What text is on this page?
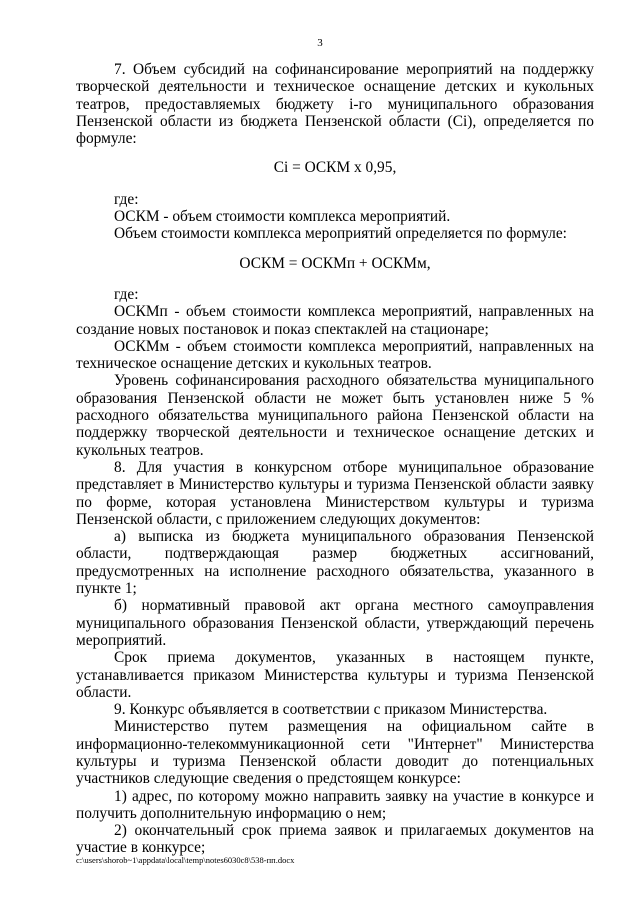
3

7. Объем субсидий на софинансирование мероприятий на поддержку творческой деятельности и техническое оснащение детских и кукольных театров, предоставляемых бюджету i-го муниципального образования Пензенской области из бюджета Пензенской области (Ci), определяется по формуле:

Ci = ОСКМ х 0,95,

где:

ОСКМ - объем стоимости комплекса мероприятий.

Объем стоимости комплекса мероприятий определяется по формуле:

ОСКМ = ОСКМп + ОСКМм,

где:

ОСКМп - объем стоимости комплекса мероприятий, направленных на создание новых постановок и показ спектаклей на стационаре;

ОСКМм - объем стоимости комплекса мероприятий, направленных на техническое оснащение детских и кукольных театров.

Уровень софинансирования расходного обязательства муниципального образования Пензенской области не может быть установлен ниже 5 % расходного обязательства муниципального района Пензенской области на поддержку творческой деятельности и техническое оснащение детских и кукольных театров.

8. Для участия в конкурсном отборе муниципальное образование представляет в Министерство культуры и туризма Пензенской области заявку по форме, которая установлена Министерством культуры и туризма Пензенской области, с приложением следующих документов:

а) выписка из бюджета муниципального образования Пензенской области, подтверждающая размер бюджетных ассигнований, предусмотренных на исполнение расходного обязательства, указанного в пункте 1;

б) нормативный правовой акт органа местного самоуправления муниципального образования Пензенской области, утверждающий перечень мероприятий.

Срок приема документов, указанных в настоящем пункте, устанавливается приказом Министерства культуры и туризма Пензенской области.

9. Конкурс объявляется в соответствии с приказом Министерства.

Министерство путем размещения на официальном сайте в информационно-телекоммуникационной сети "Интернет" Министерства культуры и туризма Пензенской области доводит до потенциальных участников следующие сведения о предстоящем конкурсе:

1) адрес, по которому можно направить заявку на участие в конкурсе и получить дополнительную информацию о нем;

2) окончательный срок приема заявок и прилагаемых документов на участие в конкурсе;

c:\users\shorob~1\appdata\local\temp\notes6030c8\538-пп.docx
